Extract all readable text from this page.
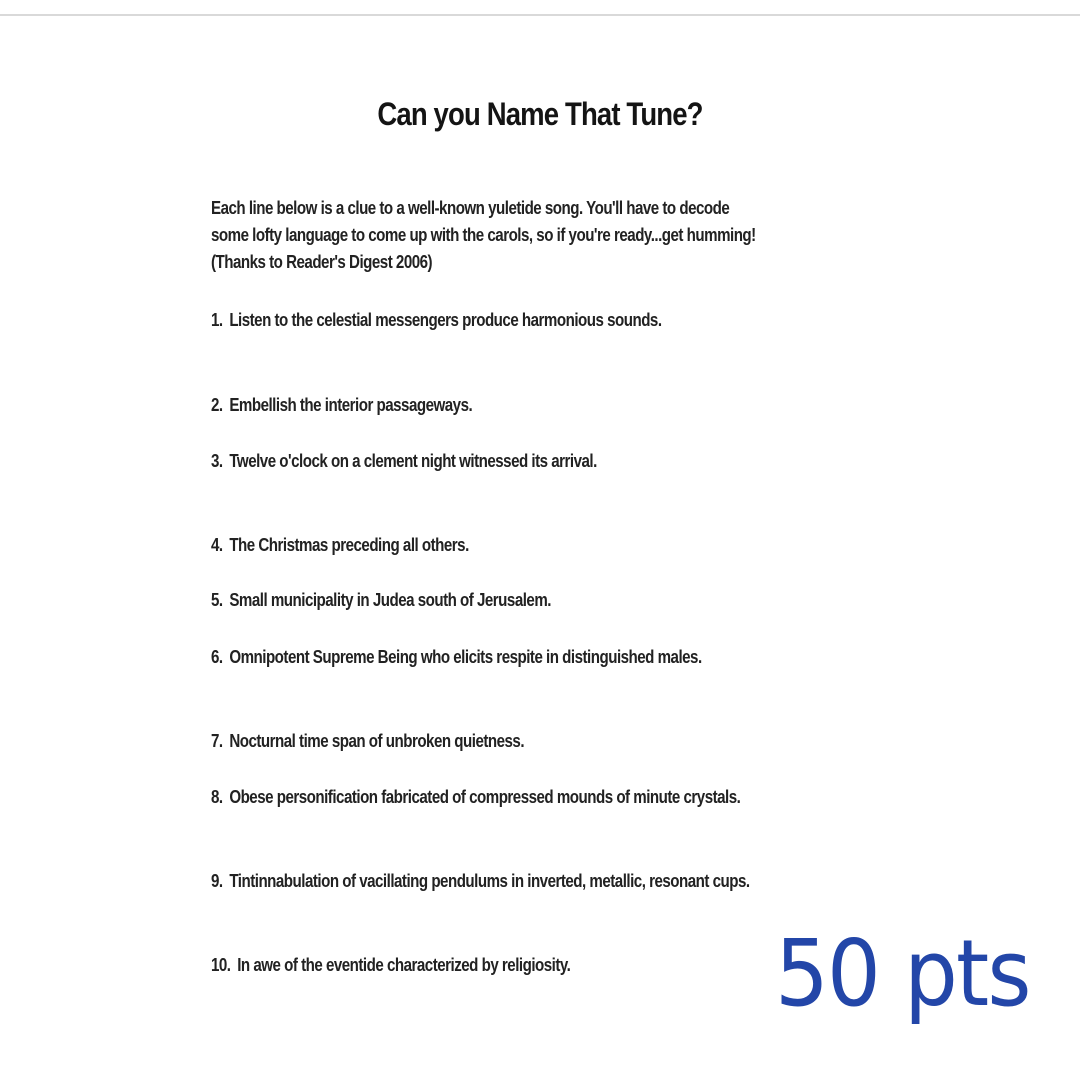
Can you Name That Tune?
Each line below is a clue to a well-known yuletide song. You'll have to decode
some lofty language to come up with the carols, so if you're ready...get humming!
(Thanks to Reader's Digest 2006)
1. Listen to the celestial messengers produce harmonious sounds.
2. Embellish the interior passageways.
3. Twelve o'clock on a clement night witnessed its arrival.
4. The Christmas preceding all others.
5. Small municipality in Judea south of Jerusalem.
6. Omnipotent Supreme Being who elicits respite in distinguished males.
7. Nocturnal time span of unbroken quietness.
8. Obese personification fabricated of compressed mounds of minute crystals.
9. Tintinnabulation of vacillating pendulums in inverted, metallic, resonant cups.
10. In awe of the eventide characterized by religiosity. 50 pts
